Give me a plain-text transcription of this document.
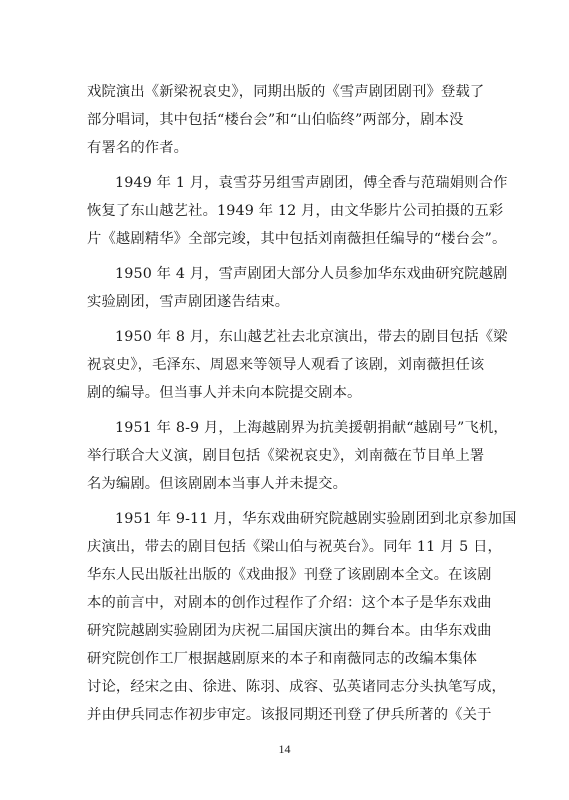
戏院演出《新梁祝哀史》，同期出版的《雪声剧团剧刊》登载了
部分唱词，其中包括“楼台会”和“山伯临终”两部分，剧本没
有署名的作者。
1949 年 1 月，袁雪芬另组雪声剧团，傅全香与范瑞娟则合作
恢复了东山越艺社。1949 年 12 月，由文华影片公司拍摄的五彩
片《越剧精华》全部完竣，其中包括刘南薇担任编导的“楼台会”。
1950 年 4 月，雪声剧团大部分人员参加华东戏曲研究院越剧
实验剧团，雪声剧团遂告结束。
1950 年 8 月，东山越艺社去北京演出，带去的剧目包括《梁
祝哀史》，毛泽东、周恩来等领导人观看了该剧，刘南薇担任该
剧的编导。但当事人并未向本院提交剧本。
1951 年 8-9 月，上海越剧界为抗美援朝捐献“越剧号”飞机，
举行联合大义演，剧目包括《梁祝哀史》，刘南薇在节目单上署
名为编剧。但该剧剧本当事人并未提交。
1951 年 9-11 月，华东戏曲研究院越剧实验剧团到北京参加国
庆演出，带去的剧目包括《梁山伯与祝英台》。同年 11 月 5 日，
华东人民出版社出版的《戏曲报》刊登了该剧剧本全文。在该剧
本的前言中，对剧本的创作过程作了介绍：这个本子是华东戏曲
研究院越剧实验剧团为庆祝二届国庆演出的舞台本。由华东戏曲
研究院创作工厂根据越剧原来的本子和南薇同志的改编本集体
讨论，经宋之由、徐进、陈羽、成容、弘英诸同志分头执笔写成，
并由伊兵同志作初步审定。该报同期还刊登了伊兵所著的《关于
14
